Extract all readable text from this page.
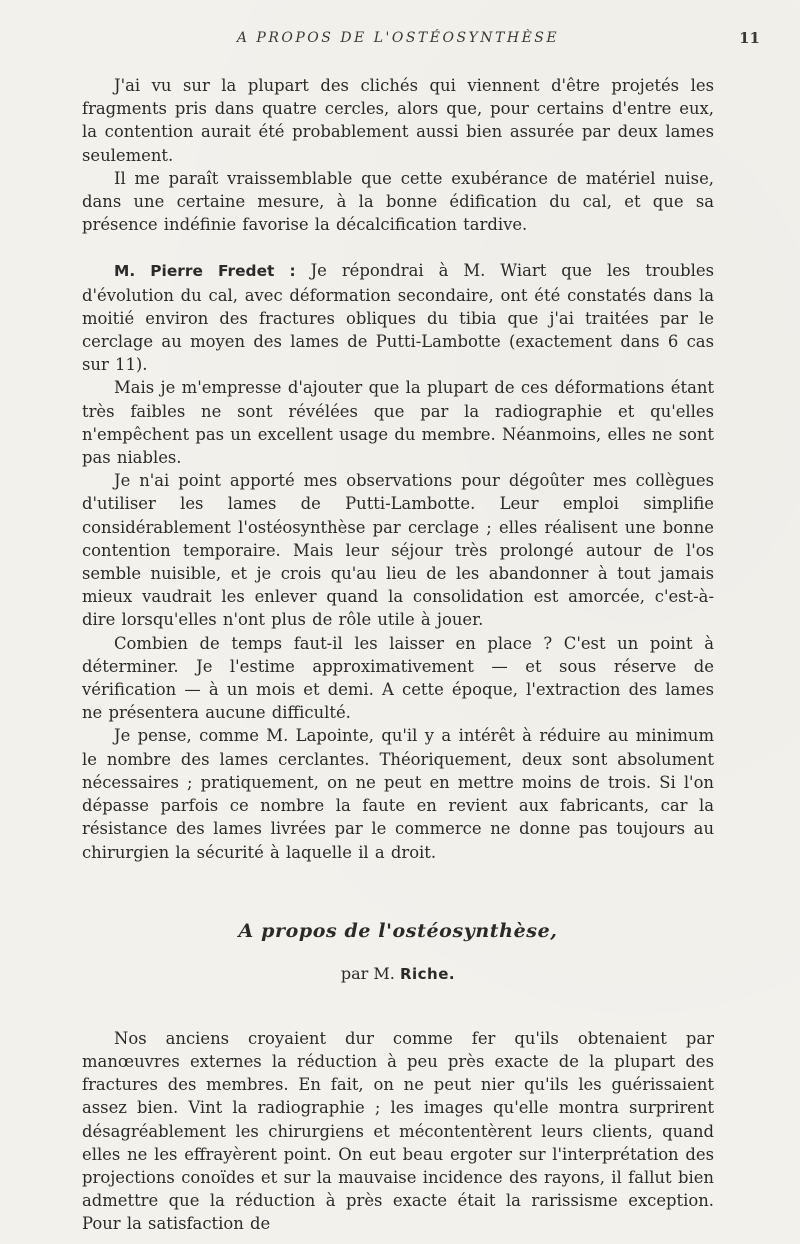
A PROPOS DE L'OSTÉOSYNTHÈSE	11

J'ai vu sur la plupart des clichés qui viennent d'être projetés les fragments pris dans quatre cercles, alors que, pour certains d'entre eux, la contention aurait été probablement aussi bien assurée par deux lames seulement.

Il me paraît vraissemblable que cette exubérance de matériel nuise, dans une certaine mesure, à la bonne édification du cal, et que sa présence indéfinie favorise la décalcification tardive.

M. Pierre Fredet : Je répondrai à M. Wiart que les troubles d'évolution du cal, avec déformation secondaire, ont été constatés dans la moitié environ des fractures obliques du tibia que j'ai traitées par le cerclage au moyen des lames de Putti-Lambotte (exactement dans 6 cas sur 11).

Mais je m'empresse d'ajouter que la plupart de ces déformations étant très faibles ne sont révélées que par la radiographie et qu'elles n'empêchent pas un excellent usage du membre. Néanmoins, elles ne sont pas niables.

Je n'ai point apporté mes observations pour dégoûter mes collègues d'utiliser les lames de Putti-Lambotte. Leur emploi simplifie considérablement l'ostéosynthèse par cerclage ; elles réalisent une bonne contention temporaire. Mais leur séjour très prolongé autour de l'os semble nuisible, et je crois qu'au lieu de les abandonner à tout jamais mieux vaudrait les enlever quand la consolidation est amorcée, c'est-à-dire lorsqu'elles n'ont plus de rôle utile à jouer.

Combien de temps faut-il les laisser en place ? C'est un point à déterminer. Je l'estime approximativement — et sous réserve de vérification — à un mois et demi. A cette époque, l'extraction des lames ne présentera aucune difficulté.

Je pense, comme M. Lapointe, qu'il y a intérêt à réduire au minimum le nombre des lames cerclantes. Théoriquement, deux sont absolument nécessaires ; pratiquement, on ne peut en mettre moins de trois. Si l'on dépasse parfois ce nombre la faute en revient aux fabricants, car la résistance des lames livrées par le commerce ne donne pas toujours au chirurgien la sécurité à laquelle il a droit.

A propos de l'ostéosynthèse,
par M. Riche.

Nos anciens croyaient dur comme fer qu'ils obtenaient par manœuvres externes la réduction à peu près exacte de la plupart des fractures des membres. En fait, on ne peut nier qu'ils les guérissaient assez bien. Vint la radiographie ; les images qu'elle montra surprirent désagréablement les chirurgiens et mécontentèrent leurs clients, quand elles ne les effrayèrent point. On eut beau ergoter sur l'interprétation des projections conoïdes et sur la mauvaise incidence des rayons, il fallut bien admettre que la réduction à près exacte était la rarissisme exception. Pour la satisfaction de
